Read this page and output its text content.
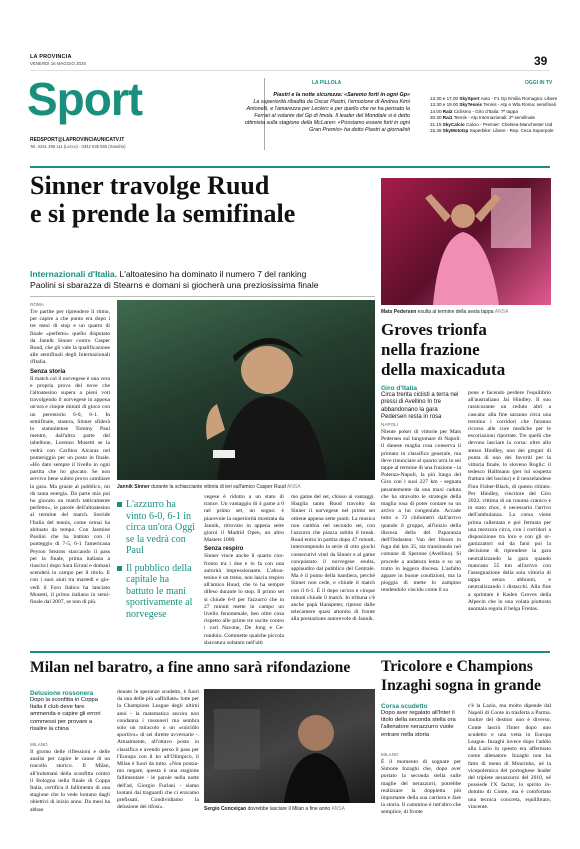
LA PROVINCIA
VENERDÌ 16 MAGGIO 2025	39
Sport
REDSPORT@LAPROVINCIAUNICATV.IT
Tel. 0341 496 111 (Lecco) - 0342 535 555 (Sondrio)
LA PILLOLA
Piastri e la notte sicurezza: «Saremo forti in ogni Gp»
La superiorità ribadita da Oscar Piastri, l'emozione di Andrea Kimi Antonelli, e l'amarezza per Leclerc e per quello che ne ha pensato la Ferrari al volante del Gp di Imola. Il leader del Mondiale si è detto ottimista sulla stagione della McLaren: «Possiamo essere forti in ogni Gran Premio» ha detto Piastri ai giornalisti
OGGI IN TV
13.30 e 17.00 SkySport Auto - F1 Gp Emilia Romagna: Libere
13.30 e 19.00 SkyTennis Tennis - Atp e Wta Roma: semifinali
14.00 Rai2 Ciclismo - Giro d'Italia: 7ª tappa
20.30 Rai1 Tennis - Atp Internazionali: 2ª semifinale
21.15 SkyCalcio Calcio - Premier: Chelsea-Manchester Utd
15.35 SkyMotoGp Superbike: Libere - Rep. Ceca Superpole
Sinner travolge Ruud
e si prende la semifinale
Internazionali d'Italia. L'altoatesino ha dominato il numero 7 del ranking
Paolini si sbarazza di Stearns e domani si giocherà una preziosissima finale
ROMA

Tre partite per riprendere il ritmo, per capire a che punto era dopo i tre mesi di stop e un quarto di finale «perfetto» quello disputato da Jannik Sinner contro Casper Ruud, che gli vale la qualificazione alle semifinali degli Internazionali d'Italia.

Senza storia

Il match col il norvegese è una vera e propria prova del nove che l'altoatesino supera a pieni voti travolgendo il norvegese in appena un'ora e cinque minuti di gioco con un perentorio 6-0, 6-1. In semifinale, stasera, Sinner sfiderà lo statunitense Tommy Paul mentre, dall'altra parte del tabellone, Lorenzo Musetti se la vedrà con Carlitos Alcaraz nel pomeriggio per un posto in finale. «Ho dato sempre il livello in ogni partita che ho giocato. Se non servivo bene subito provo cambiare la gara. Ma grazie al pubblico, mi dà tanta energia. Da parte mia poi ho giocato un match tatticamente perfetto», le parole dell'altoatesino al termine del match. Sorride l'Italia del tennis, come ormai ha abituato da tempo. Con Jasmine Paolini che ha battuto con il punteggio di 7-5, 6-1 l'americana Peyton Stearns staccando il pass per la finale, prima italiana a riuscirci dopo Sara Errani e domani scenderà in campo per il titolo. E con i suoi aiuti tra martedì e giovedì il Foro Italico ha lanciato Musetti, il primo italiano in semifinale dal 2007, se non di più.

Jannik Sinner durante la schiacciante vittoria di ieri sull'amico Casper Ruud ANSA
L'azzurro ha vinto 6-0, 6-1 in circa un'ora Oggi se la vedrà con Paul
Il pubblico della capitale ha battuto le mani sportivamente al norvegese

vegese è ridotto a un stato di trance. Un vantaggio di 4 game a 0 nel primo set, un sogno: è piacevole la superiorità mostrata da Jannik, ritrovato in appena sette giorni il Madrid Open, un altro Masters 1000.

Senza respiro

Sinner vince anche il quarto confronto tra i due e lo fa con una autorità impressionante. L'altoatesino è un treno, non lascia respiro all'amico Ruud, che lo ha sempre difeso durante lo stop. Il primo set si chiude 6-0 per l'azzurro che in 27 minuti mette in campo un livello fenomenale, ben oltre cosa rispetto alle prime tre uscite contro i vari Navone, De Jong e Cerundolo. Commette qualche piccola sbavatura soltanto nell'ulti

mo game del set, chiuso ai vantaggi. Sbaglia tanto Ruud travolto da Sinner il norvegese nel primo set ottiene appena sette punti. La musica non cambia nel secondo set, con l'azzurro che piazza subito il break. Ruud entra in partita dopo 47 minuti, interrompendo la serie di otto giochi consecutivi vinti da Sinner e al game conquistato il norvegese esulta, applaudito dal pubblico del Centrale. Ma è il punto della bandiera, perché Sinner non cede, e chiude il match con il 6-1. È il dopo un'ora e cinque minuti chiude il match. In tribuna c'è anche papà Hanspeter, ripreso dalle telecamere quasi attonito di fronte alla prestazione autorevole di Jannik.

Mats Pedersen esulta al termine della sesta tappa ANSA
Groves trionfa
nella frazione
della maxicaduta
Giro d'Italia
Circa trenta ciclisti a terra nei pressi di Avellino In tre abbandonano la gara Pedersen resta in rosa
NAPOLI

Niente poker di vittorie per Mats Pedersen sul lungomare di Napoli: il danese maglia rosa conserva il primato in classifica generale, ma deve rinunciare al quarto urrà in sei tappe al termine di una frazione - la Potenza-Napoli, la più lunga del Giro con i suoi 227 km - segnata pesantemente da una maxi caduta che ha stravolto le strategie della maglia rosa di poter contare su un arrivo a lui congeniale. Accade tutto a 72 chilometri dall'arrivo quando il gruppo, all'inizio della discesa della del Paparanza dell'Ondastea: Van der Hoorn in fuga dal km 35, sta transitando nel comune di Sperone (Avellino). Si procede a andatura lenta e su un tratto in leggera discesa. L'asfalto appare in buone condizioni, ma la pioggia di mette lo zampino rendendolo viscido come il sa

pone e facendo perdere l'equilibrio all'australiano Jai Hindley. Il suo rassicurante un ceduto altri a cascata: alla fine saranno circa una trentina i corridori che faranno ricorso alle cure mediche per le escoriazioni riportate. Tre quelli che devono lasciare la corsa: oltre allo stesso Hindley, uno dei gregari di punta di uno dei favoriti per la vittoria finale, lo sloveno Roglic: il tedesco Hallmann (per lui sospetta frattura del bacino) e il neozelandese Finn Fisher-Black, di questo ritirato. Per Hindley, vincitore del Giro 2022, vittima di un trauma cranico e in stato choc, è necessario l'arrivo dell'ambulanza. La corsa viene prima rallentata e poi fermata per una mezzora circa, con i corridori a disposizione tra loro e con gli organizzatori sul da farsi poi la decisione di riprendere la gara neutralizzando la gara quando mancano 55 km all'arrivo con l'assegnazione della sola vittoria di tappa senza abbuoni, e neutralizzando i distacchi. Alla fine a sprintare è Kaden Groves della Alpecin che in una volata piuttosto anomala regola il belga Freitas.

Milan nel baratro, a fine anno sarà rifondazione
Delusione rossonera
Dopo la sconfitta in Coppa Italia il club deve fare ammenda e capire gli errori commessi per provare a risalire la china
MILANO

Il giorno delle riflessioni e delle analisi per capire le cause di un tracollo storico. Il Milan, all'indomani della sconfitta contro il Bologna nella finale di Coppa Italia, certifica il fallimento di una stagione che lo vede lontano dagli obiettivi di inizio anno. Da mesi ha abban

donato le speranze scudetto, è fuori da una delle più «affollate» lotte per la Champions League degli ultimi anni - la matematica ancora non condanna i rossoneri ma sembra solo un miracolo o un «suicidio sportivo» di sei dirette avversarie -. Attualmente, all'ottavo posto in classifica e avendo perso il pass per l'Europa con il ko all'Olimpico, il Milan è fuori da tutto. «Non possiamo negare, questa è una stagione fallimentare - le parole nella notte dell'ad, Giorgio Furlani - siamo lontani dai traguardi che ci eravamo prefissati. Condividiamo la delusione dei tifosi».	Sergio Conceiçao dovrebbe lasciare il Milan a fine anno ANSA
Tricolore e Champions
Inzaghi sogna in grande
Corsa scudetto
Dopo aver regalato all'Inter il titolo della seconda stella ora l'allenatore nerazzurro vuole entrare nella storia
MILANO

È il momento di sognare per Simone Inzaghi che, dopo aver portato la seconda stella sulle maglie del nerazzurri, potrebbe realizzare la doppietta più importante della sua carriera e fare la storia. Il cammino è tutt'altro che semplice, di fronte

c'è la Lazio, ma molto dipende dal Napoli di Conte in trasferta a Parma. Inoltre del destino non è diverso, Conte lasciò l'Inter dopo uno scudetto e una vetta in Europa League. Inzaghi invece dopo l'addio alla Lazio in questo era affermato come allenatore. Inzaghi non ha fatto di meno di Mourinho, né la vicepolemica del portoghese leader del triplete nerazzurro del 2010, né possiede l'X factor, lo spirito indomito di Conte, ma è comfortato una tecnica concreta, equilibrato, vincente.
